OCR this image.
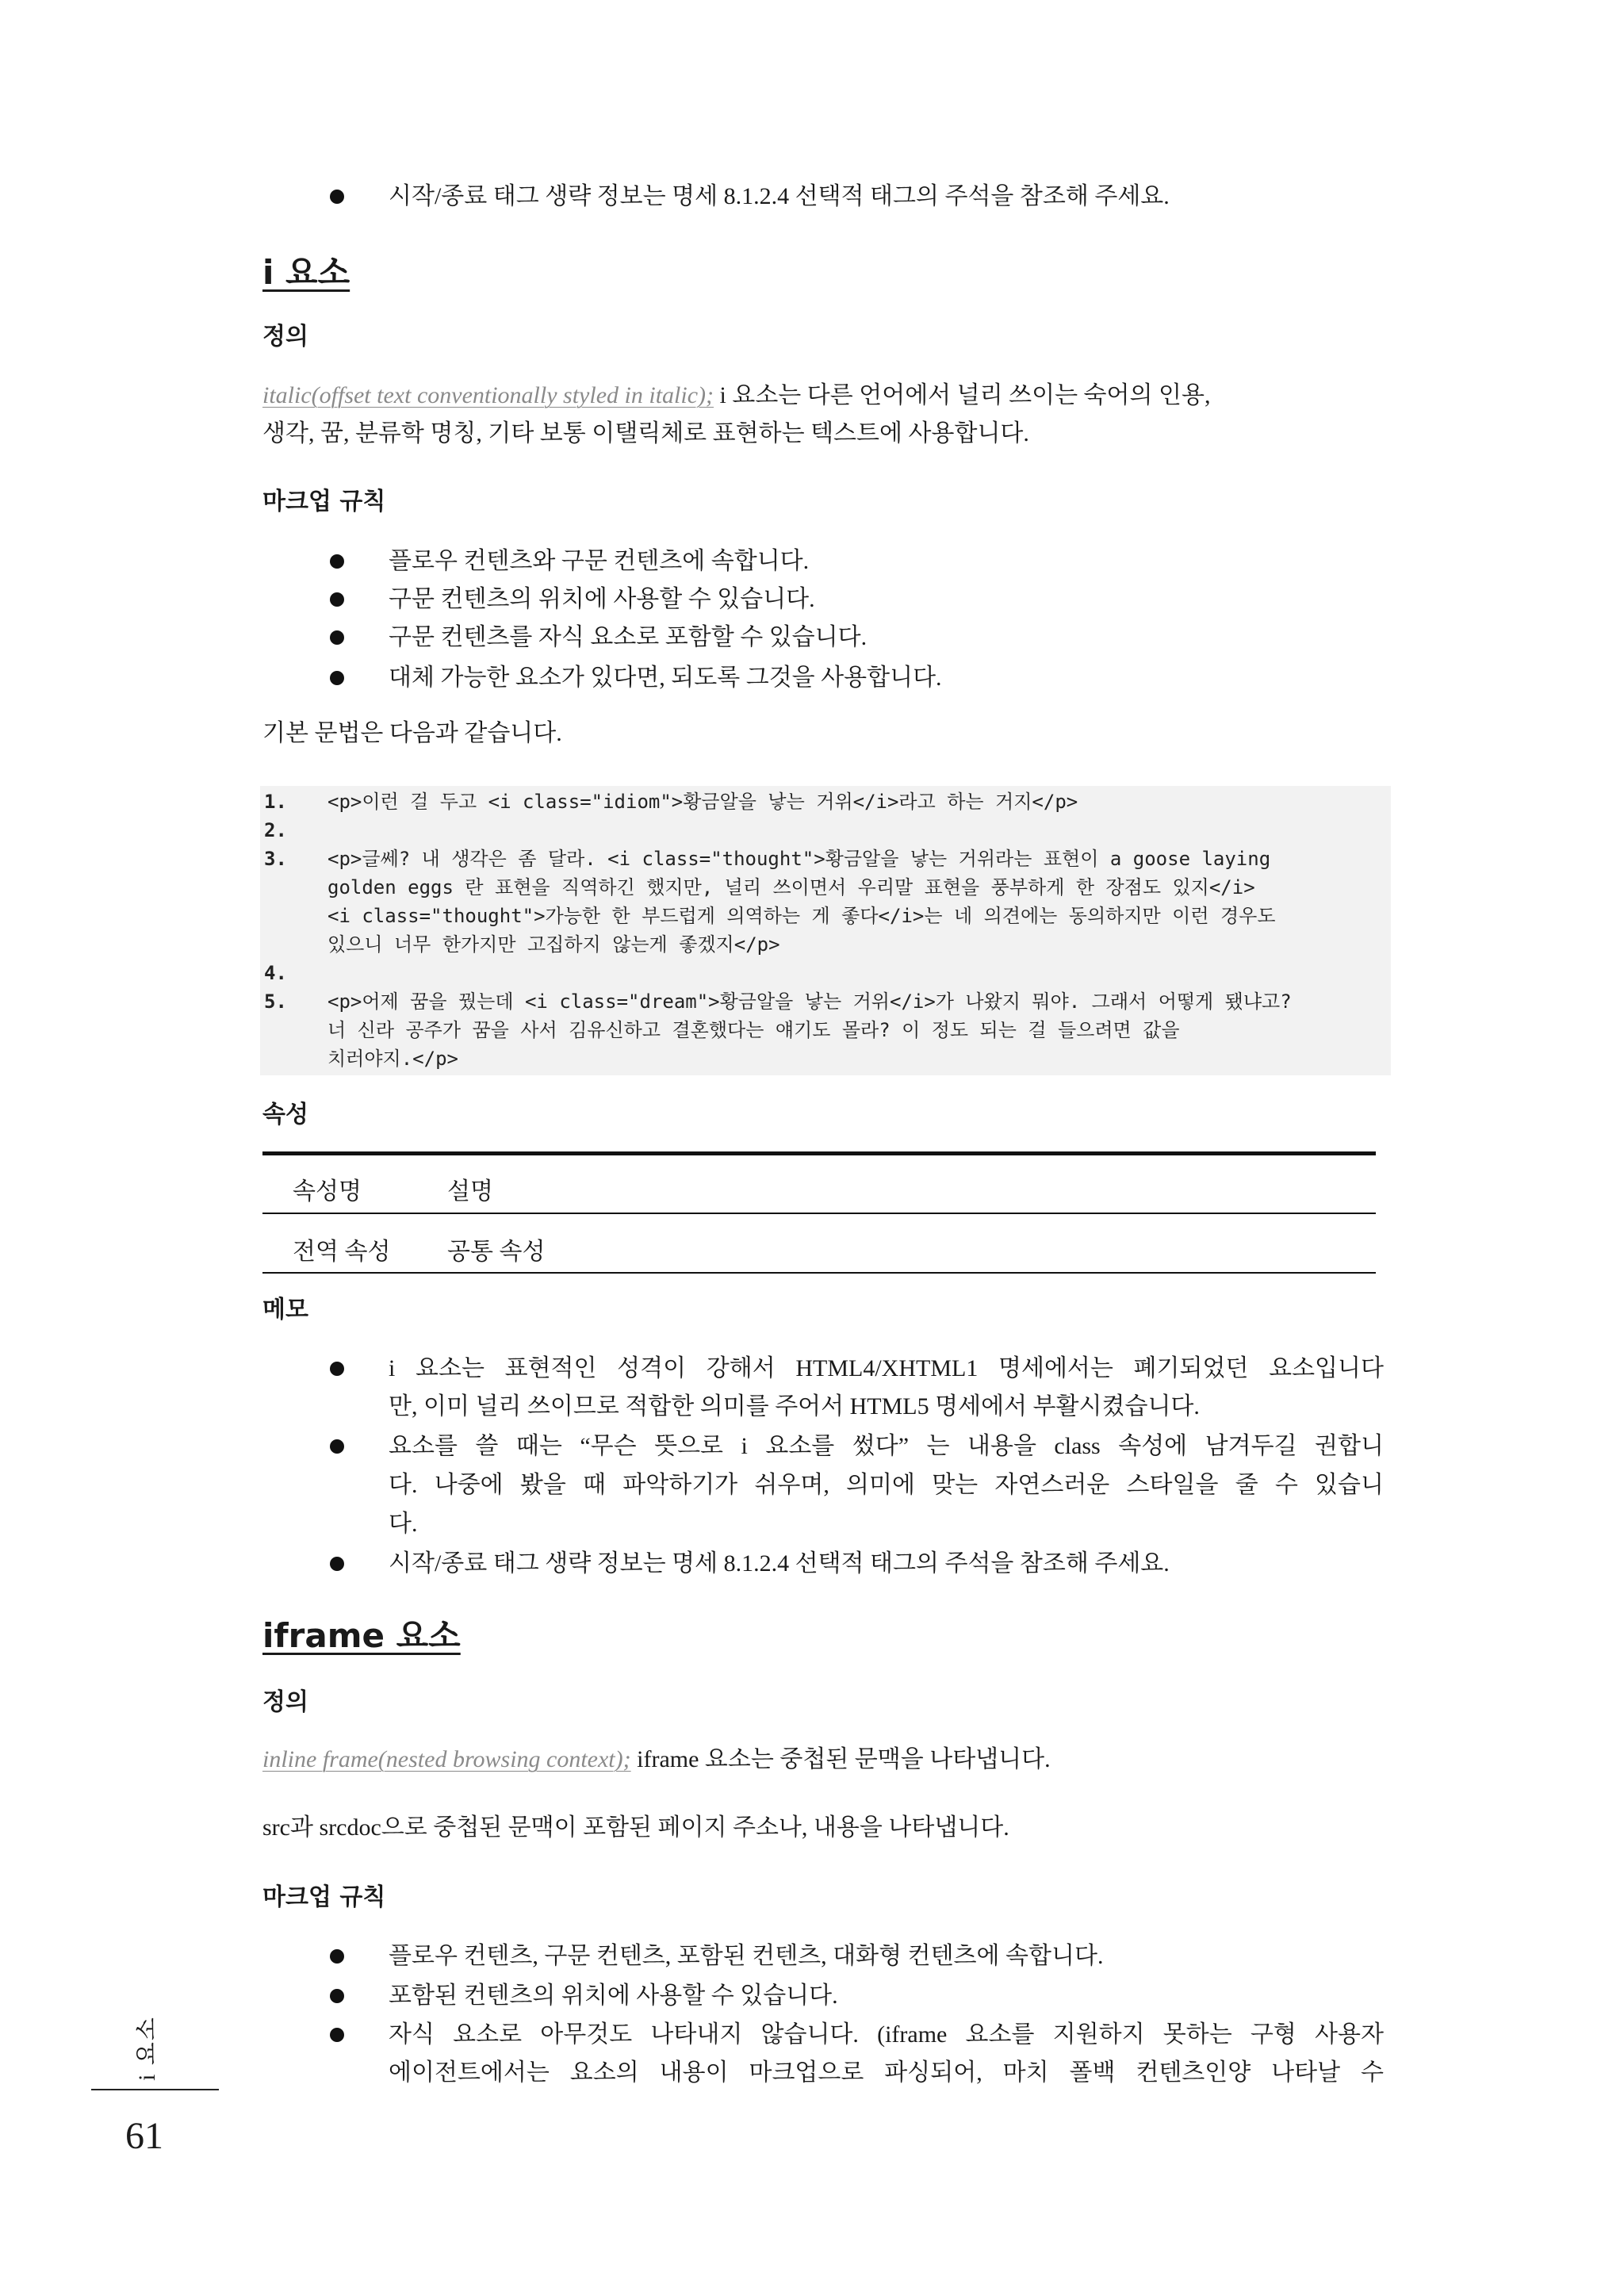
시작/종료 태그 생략 정보는 명세 8.1.2.4 선택적 태그의 주석을 참조해 주세요.
i 요소
정의
italic(offset text conventionally styled in italic); i 요소는 다른 언어에서 널리 쓰이는 숙어의 인용,
생각, 꿈, 분류학 명칭, 기타 보통 이탤릭체로 표현하는 텍스트에 사용합니다.
마크업 규칙
플로우 컨텐츠와 구문 컨텐츠에 속합니다.
구문 컨텐츠의 위치에 사용할 수 있습니다.
구문 컨텐츠를 자식 요소로 포함할 수 있습니다.
대체 가능한 요소가 있다면, 되도록 그것을 사용합니다.
기본 문법은 다음과 같습니다.
1.	<p>이런 걸 두고 <i class="idiom">황금알을 낳는 거위</i>라고 하는 거지</p>
2.
3.	<p>글쎄? 내 생각은 좀 달라. <i class="thought">황금알을 낳는 거위라는 표현이 a goose laying
golden eggs 란 표현을 직역하긴 했지만, 널리 쓰이면서 우리말 표현을 풍부하게 한 장점도 있지</i>
<i class="thought">가능한 한 부드럽게 의역하는 게 좋다</i>는 네 의견에는 동의하지만 이런 경우도
있으니 너무 한가지만 고집하지 않는게 좋겠지</p>
4.
5.	<p>어제 꿈을 꿨는데 <i class="dream">황금알을 낳는 거위</i>가 나왔지 뭐야. 그래서 어떻게 됐냐고?
너 신라 공주가 꿈을 사서 김유신하고 결혼했다는 얘기도 몰라? 이 정도 되는 걸 들으려면 값을
치러야지.</p>
속성
속성명	설명
전역 속성	공통 속성
메모
i 요소는 표현적인 성격이 강해서 HTML4/XHTML1 명세에서는 폐기되었던 요소입니다
만, 이미 널리 쓰이므로 적합한 의미를 주어서 HTML5 명세에서 부활시켰습니다.
요소를 쓸 때는 “무슨 뜻으로 i 요소를 썼다” 는 내용을 class 속성에 남겨두길 권합니
다. 나중에 봤을 때 파악하기가 쉬우며, 의미에 맞는 자연스러운 스타일을 줄 수 있습니
다.
시작/종료 태그 생략 정보는 명세 8.1.2.4 선택적 태그의 주석을 참조해 주세요.
iframe 요소
정의
inline frame(nested browsing context); iframe 요소는 중첩된 문맥을 나타냅니다.
src과 srcdoc으로 중첩된 문맥이 포함된 페이지 주소나, 내용을 나타냅니다.
마크업 규칙
플로우 컨텐츠, 구문 컨텐츠, 포함된 컨텐츠, 대화형 컨텐츠에 속합니다.
포함된 컨텐츠의 위치에 사용할 수 있습니다.
자식 요소로 아무것도 나타내지 않습니다. (iframe 요소를 지원하지 못하는 구형 사용자
에이전트에서는 요소의 내용이 마크업으로 파싱되어, 마치 폴백 컨텐츠인양 나타날 수
i 요소
61
